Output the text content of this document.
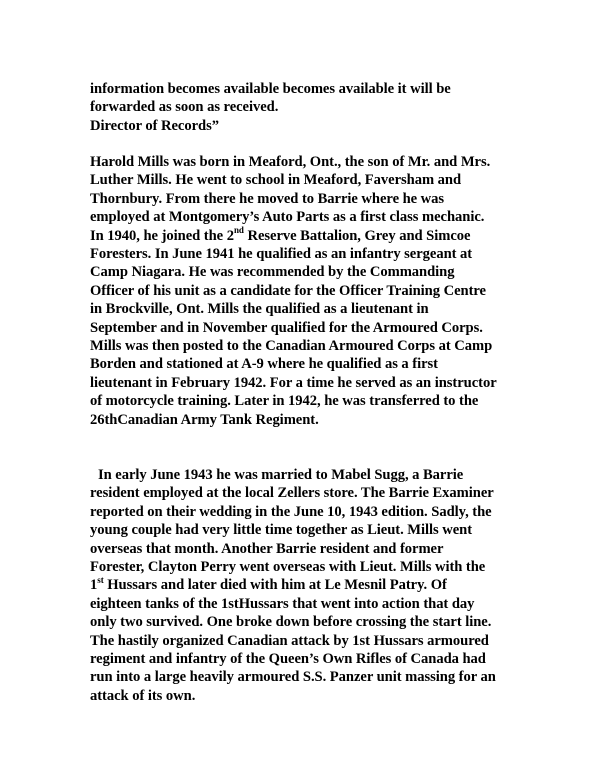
information becomes available becomes available it will be
forwarded as soon as received.
Director of Records”
Harold Mills was born in Meaford, Ont., the son of Mr. and Mrs.
Luther Mills. He went to school in Meaford, Faversham and
Thornbury. From there he moved to Barrie where he was
employed at Montgomery’s Auto Parts as a first class mechanic.
In 1940, he joined the 2nd Reserve Battalion, Grey and Simcoe
Foresters. In June 1941 he qualified as an infantry sergeant at
Camp Niagara. He was recommended by the Commanding
Officer of his unit as a candidate for the Officer Training Centre
in Brockville, Ont. Mills the qualified as a lieutenant in
September and in November qualified for the Armoured Corps.
Mills was then posted to the Canadian Armoured Corps at Camp
Borden and stationed at A-9 where he qualified as a first
lieutenant in February 1942. For a time he served as an instructor
of motorcycle training. Later in 1942, he was transferred to the
26thCanadian Army Tank Regiment.
In early June 1943 he was married to Mabel Sugg, a Barrie
resident employed at the local Zellers store. The Barrie Examiner
reported on their wedding in the June 10, 1943 edition. Sadly, the
young couple had very little time together as Lieut. Mills went
overseas that month. Another Barrie resident and former
Forester, Clayton Perry went overseas with Lieut. Mills with the
1st Hussars and later died with him at Le Mesnil Patry. Of
eighteen tanks of the 1stHussars that went into action that day
only two survived. One broke down before crossing the start line.
The hastily organized Canadian attack by 1st Hussars armoured
regiment and infantry of the Queen’s Own Rifles of Canada had
run into a large heavily armoured S.S. Panzer unit massing for an
attack of its own.
